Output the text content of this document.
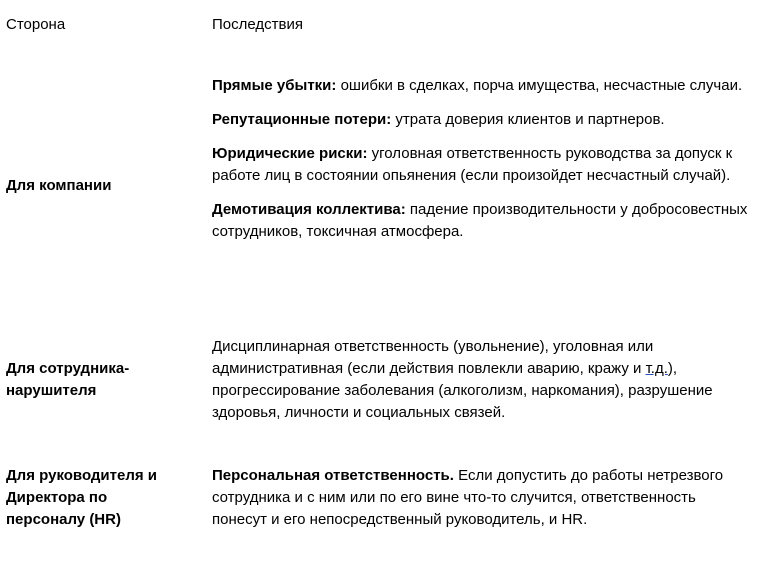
Сторона	Последствия
Для компании

Прямые убытки: ошибки в сделках, порча имущества, несчастные случаи.

Репутационные потери: утрата доверия клиентов и партнеров.

Юридические риски: уголовная ответственность руководства за допуск к работе лиц в состоянии опьянения (если произойдет несчастный случай).

Демотивация коллектива: падение производительности у добросовестных сотрудников, токсичная атмосфера.

Для сотрудника-нарушителя

Дисциплинарная ответственность (увольнение), уголовная или административная (если действия повлекли аварию, кражу и т.д.), прогрессирование заболевания (алкоголизм, наркомания), разрушение здоровья, личности и социальных связей.

Для руководителя и Директора по персоналу (HR)

Персональная ответственность. Если допустить до работы нетрезвого сотрудника и с ним или по его вине что-то случится, ответственность понесут и его непосредственный руководитель, и HR.
